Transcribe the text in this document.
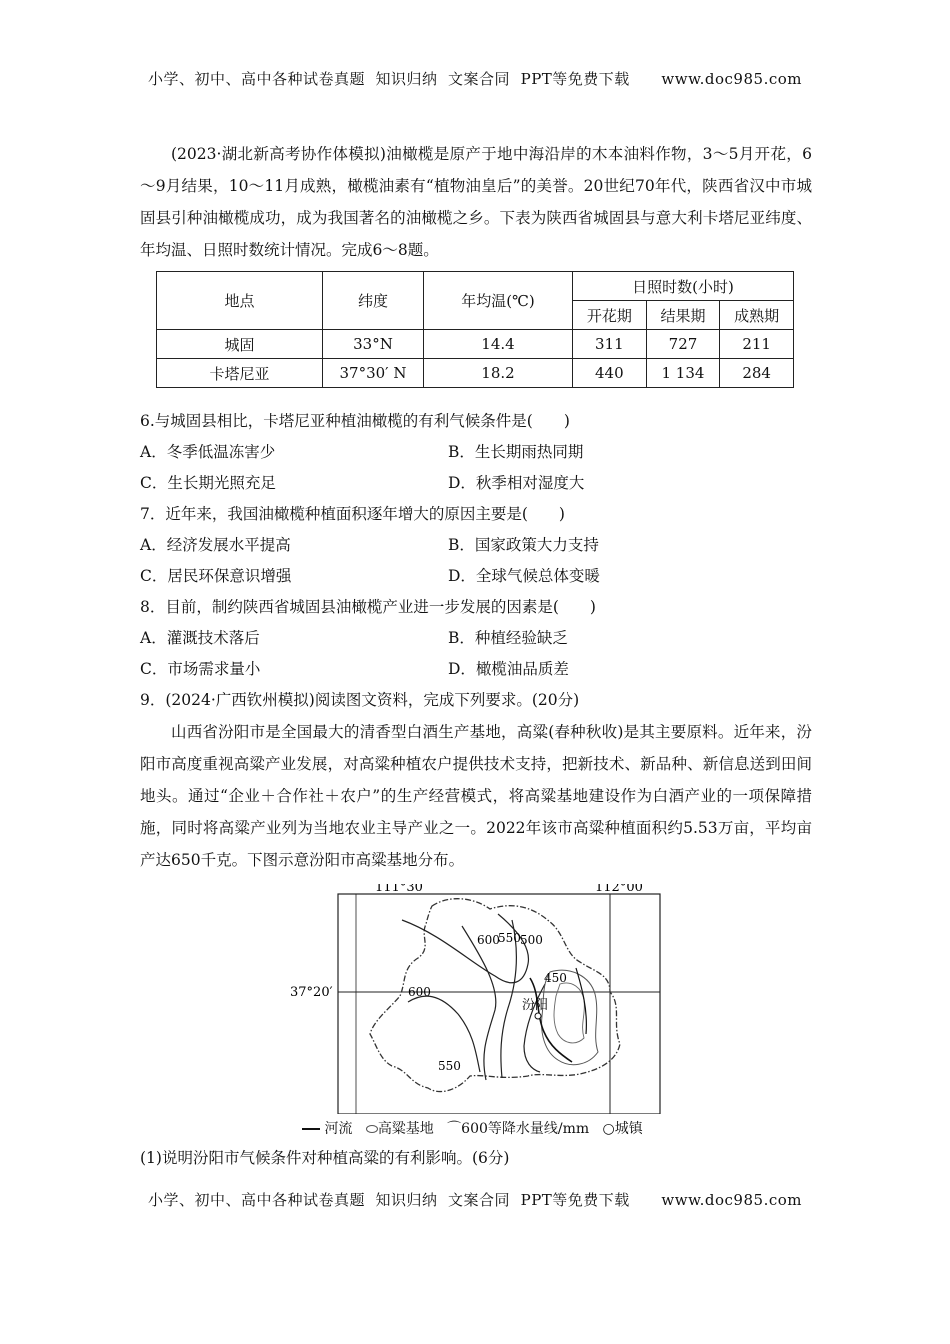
小学、初中、高中各种试卷真题  知识归纳  文案合同  PPT等免费下载      www.doc985.com

(2023·湖北新高考协作体模拟)油橄榄是原产于地中海沿岸的木本油料作物，3～5月开花，6～9月结果，10～11月成熟，橄榄油素有“植物油皇后”的美誉。20世纪70年代，陕西省汉中市城固县引种油橄榄成功，成为我国著名的油橄榄之乡。下表为陕西省城固县与意大利卡塔尼亚纬度、年均温、日照时数统计情况。完成6～8题。

地点	纬度	年均温(℃)	日照时数(小时)		
			开花期	结果期	成熟期
城固	33°N	14.4	311	727	211
卡塔尼亚	37°30′ N	18.2	440	1 134	284

6.与城固县相比，卡塔尼亚种植油橄榄的有利气候条件是(　　)

A．冬季低温冻害少	B．生长期雨热同期
C．生长期光照充足	D．秋季相对湿度大

7．近年来，我国油橄榄种植面积逐年增大的原因主要是(　　)

A．经济发展水平提高	B．国家政策大力支持
C．居民环保意识增强	D．全球气候总体变暖

8．目前，制约陕西省城固县油橄榄产业进一步发展的因素是(　　)

A．灌溉技术落后	B．种植经验缺乏
C．市场需求量小	D．橄榄油品质差

9．(2024·广西钦州模拟)阅读图文资料，完成下列要求。(20分)

山西省汾阳市是全国最大的清香型白酒生产基地，高粱(春种秋收)是其主要原料。近年来，汾阳市高度重视高粱产业发展，对高粱种植农户提供技术支持，把新技术、新品种、新信息送到田间地头。通过“企业＋合作社＋农户”的生产经营模式，将高粱基地建设作为白酒产业的一项保障措施，同时将高粱产业列为当地农业主导产业之一。2022年该市高粱种植面积约5.53万亩，平均亩产达650千克。下图示意汾阳市高粱基地分布。

111°30′	112°00′
37°20′
汾阳
600
550 500
450
600
550
河流 高粱基地 ⌒600等降水量线/mm ○城镇
(1)说明汾阳市气候条件对种植高粱的有利影响。(6分)
小学、初中、高中各种试卷真题  知识归纳  文案合同  PPT等免费下载      www.doc985.com
